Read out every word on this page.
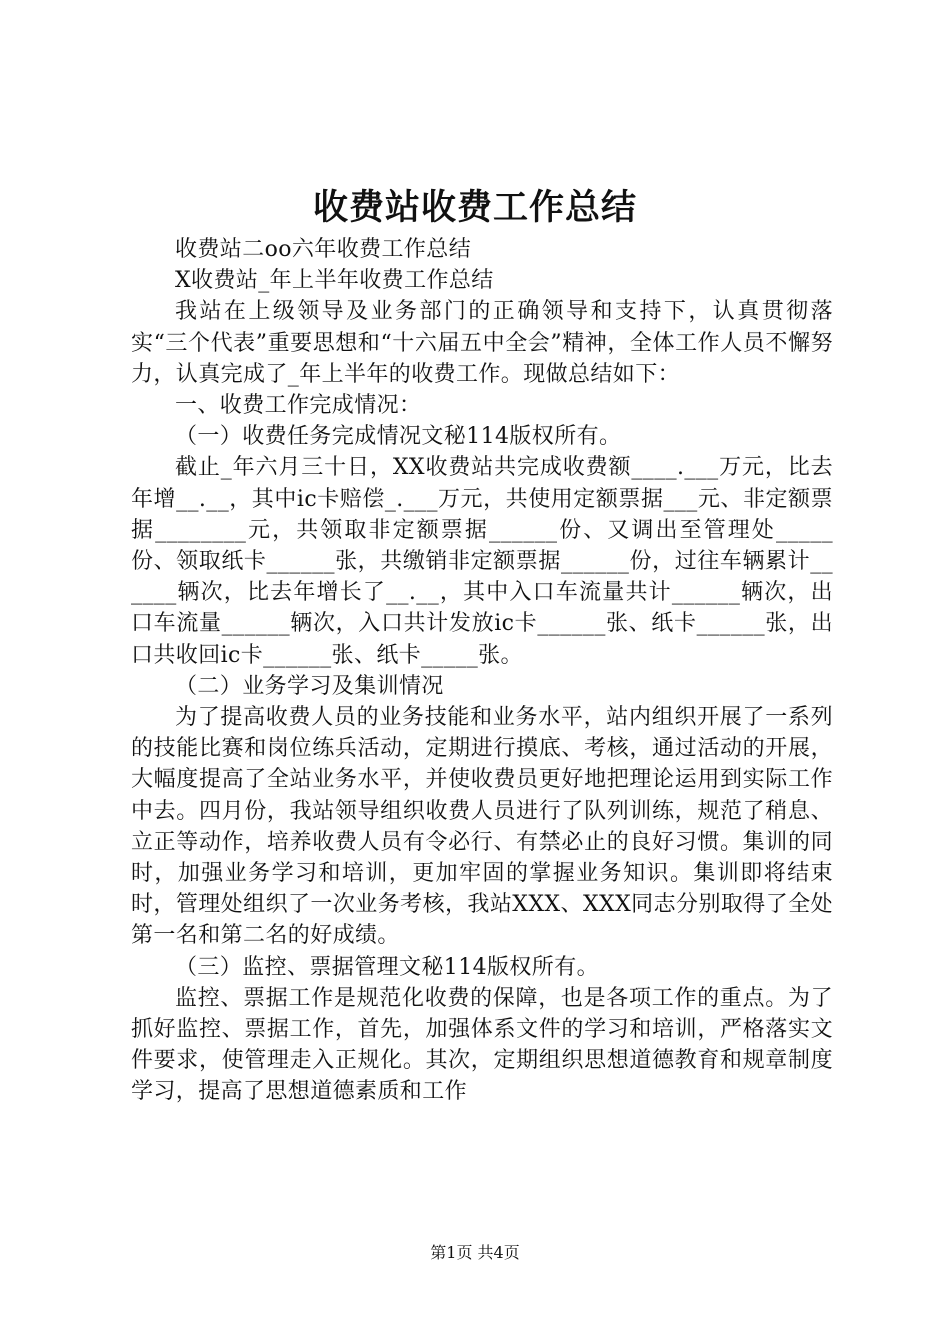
收费站收费工作总结

收费站二oo六年收费工作总结

X收费站_年上半年收费工作总结

我站在上级领导及业务部门的正确领导和支持下，认真贯彻落实“三个代表”重要思想和“十六届五中全会”精神，全体工作人员不懈努力，认真完成了_年上半年的收费工作。现做总结如下：

一、收费工作完成情况：

（一）收费任务完成情况文秘114版权所有。

截止_年六月三十日，XX收费站共完成收费额____.___万元，比去年增__.__，其中ic卡赔偿_.___万元，共使用定额票据___元、非定额票据________元，共领取非定额票据______份、又调出至管理处_____份、领取纸卡______张，共缴销非定额票据______份，过往车辆累计______辆次，比去年增长了__.__，其中入口车流量共计______辆次，出口车流量______辆次，入口共计发放ic卡______张、纸卡______张，出口共收回ic卡______张、纸卡_____张。

（二）业务学习及集训情况

为了提高收费人员的业务技能和业务水平，站内组织开展了一系列的技能比赛和岗位练兵活动，定期进行摸底、考核，通过活动的开展，大幅度提高了全站业务水平，并使收费员更好地把理论运用到实际工作中去。四月份，我站领导组织收费人员进行了队列训练，规范了稍息、立正等动作，培养收费人员有令必行、有禁必止的良好习惯。集训的同时，加强业务学习和培训，更加牢固的掌握业务知识。集训即将结束时，管理处组织了一次业务考核，我站XXX、XXX同志分别取得了全处第一名和第二名的好成绩。

（三）监控、票据管理文秘114版权所有。

监控、票据工作是规范化收费的保障，也是各项工作的重点。为了抓好监控、票据工作，首先，加强体系文件的学习和培训，严格落实文件要求，使管理走入正规化。其次，定期组织思想道德教育和规章制度学习，提高了思想道德素质和工作

第1页 共4页
